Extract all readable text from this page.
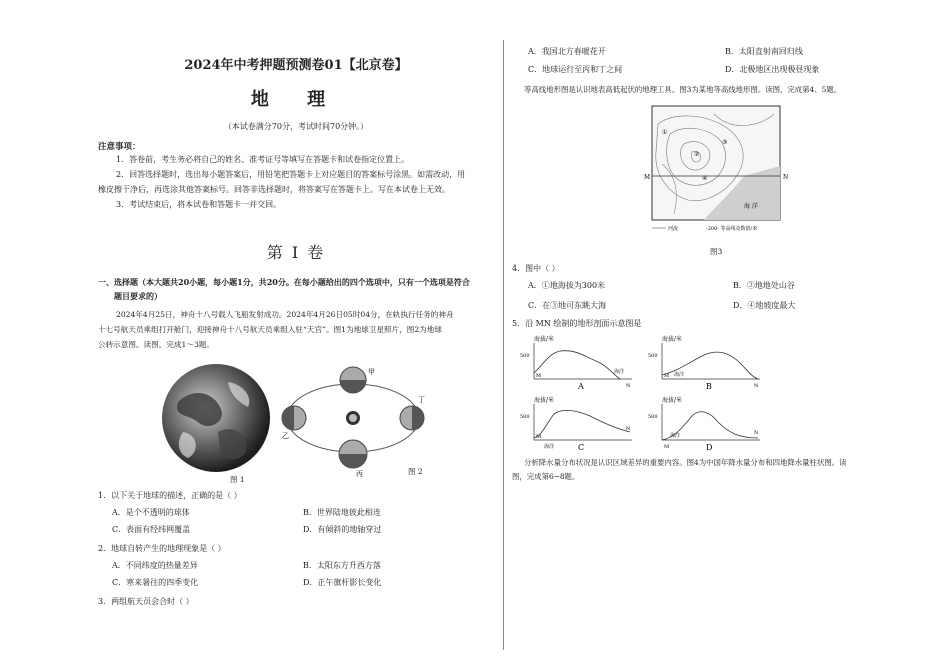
2024年中考押题预测卷01【北京卷】
地 理
（本试卷满分70分，考试时间70分钟。）
注意事项：
1．答卷前，考生务必将自己的姓名、准考证号等填写在答题卡和试卷指定位置上。
2．回答选择题时，选出每小题答案后，用铅笔把答题卡上对应题目的答案标号涂黑。如需改动，用
橡皮擦干净后，再选涂其他答案标号。回答非选择题时，将答案写在答题卡上。写在本试卷上无效。
3．考试结束后，将本试卷和答题卡一并交回。
第 I 卷
一、选择题（本大题共20小题，每小题1分，共20分。在每小题给出的四个选项中，只有一个选项是符合
题目要求的）
2024年4月25日，神舟十八号载人飞船发射成功。2024年4月26日05时04分，在轨执行任务的神舟
十七号航天员乘组打开舱门，迎接神舟十八号航天员乘组入驻“天宫”。图1为地球卫星照片，图2为地球
公转示意图。读图，完成1～3题。
图 1
甲
乙
丙
丁
图 2
1．以下关于地球的描述，正确的是（ ）
A．是个不透明的球体	B．世界陆地彼此相连
C．表面有经纬网覆盖	D．有倾斜的地轴穿过
2．地球自转产生的地理现象是（ ）
A．不同纬度的热量差异	B．太阳东方升西方落
C．寒来暑往的四季变化	D．正午旗杆影长变化
3．两组航天员会合时（ ）
A．我国北方春暖花开	B．太阳直射南回归线
C．地球运行至丙和丁之间	D．北极地区出现极昼现象
等高线地形图是认识地表高低起伏的地理工具。图3为某地等高线地形图。读图，完成第4、5题。
M	N
海 洋
①
②
③
④
河流	-200- 等高线及数值/米
图3
4．图中（ ）
A．①地海拔为300米	B．②地地处山谷
C．在③地可东眺大海	D．④地坡度最大
5．沿 MN 绘制的地形剖面示意图是
海拔/米
500
M
N
海洋
A
海拔/米
500
M
N
海洋
B
海拔/米
500
M
N
海洋	C
海拔/米
500
M
N
海洋
D
分析降水量分布状况是认识区域差异的重要内容。图4为中国年降水量分布和四地降水量柱状图。读
图，完成第6~8题。
